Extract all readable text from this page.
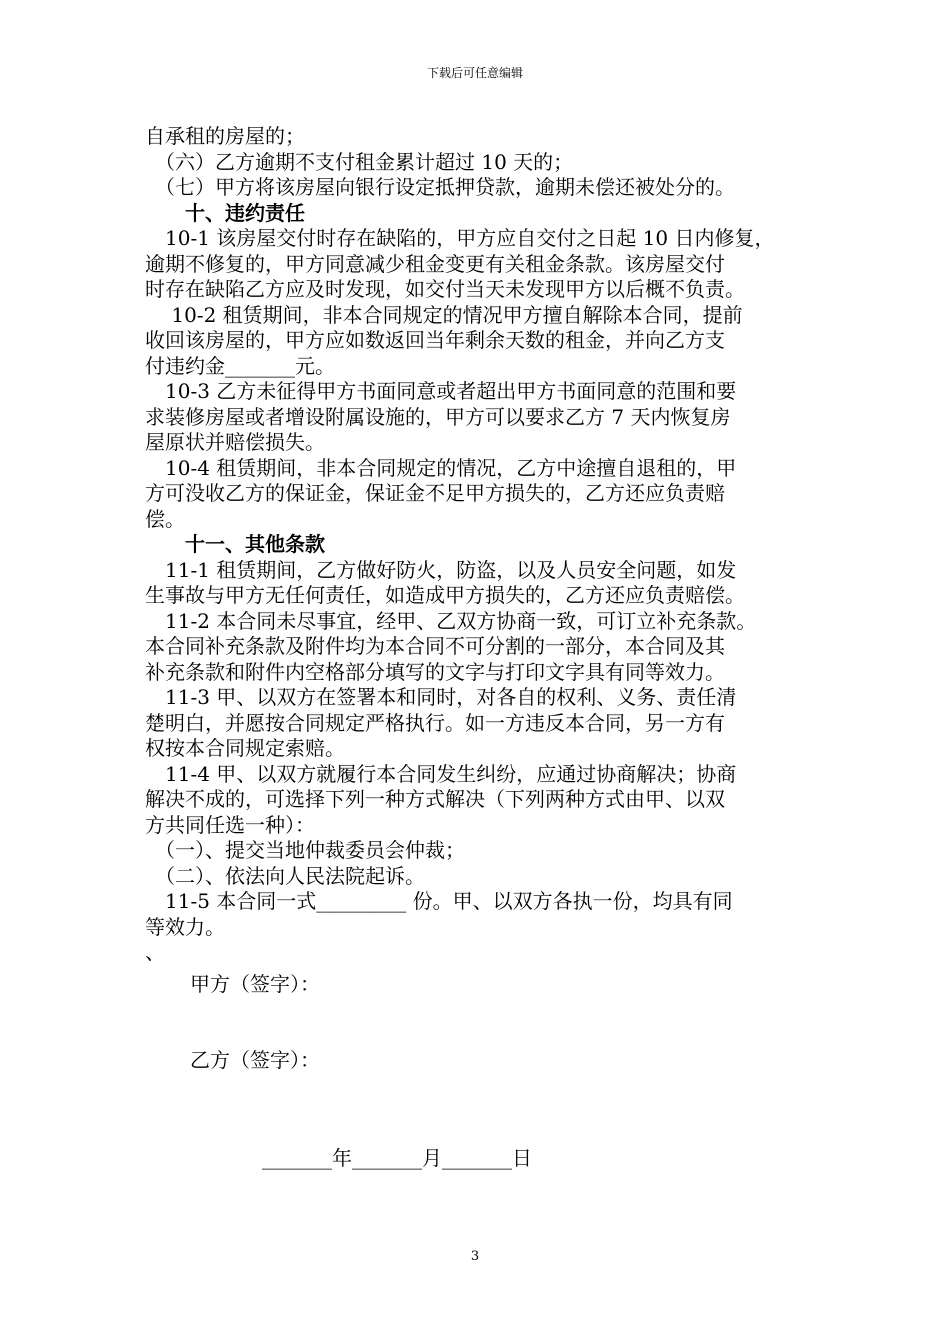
下载后可任意编辑
自承租的房屋的；
　（六）乙方逾期不支付租金累计超过 10 天的；
　（七）甲方将该房屋向银行设定抵押贷款，逾期未偿还被处分的。
　　十、违约责任
　10-1 该房屋交付时存在缺陷的，甲方应自交付之日起 10 日内修复，
逾期不修复的，甲方同意减少租金变更有关租金条款。该房屋交付
时存在缺陷乙方应及时发现，如交付当天未发现甲方以后概不负责。
　 10-2 租赁期间，非本合同规定的情况甲方擅自解除本合同，提前
收回该房屋的，甲方应如数返回当年剩余天数的租金，并向乙方支
付违约金_______元。
　10-3 乙方未征得甲方书面同意或者超出甲方书面同意的范围和要
求装修房屋或者增设附属设施的，甲方可以要求乙方 7 天内恢复房
屋原状并赔偿损失。
　10-4 租赁期间，非本合同规定的情况，乙方中途擅自退租的，甲
方可没收乙方的保证金，保证金不足甲方损失的，乙方还应负责赔
偿。
　　十一、其他条款
　11-1 租赁期间，乙方做好防火，防盗，以及人员安全问题，如发
生事故与甲方无任何责任，如造成甲方损失的，乙方还应负责赔偿。
　11-2 本合同未尽事宜，经甲、乙双方协商一致，可订立补充条款。
本合同补充条款及附件均为本合同不可分割的一部分，本合同及其
补充条款和附件内空格部分填写的文字与打印文字具有同等效力。
　11-3 甲、以双方在签署本和同时，对各自的权利、义务、责任清
楚明白，并愿按合同规定严格执行。如一方违反本合同，另一方有
权按本合同规定索赔。
　11-4 甲、以双方就履行本合同发生纠纷，应通过协商解决；协商
解决不成的，可选择下列一种方式解决（下列两种方式由甲、以双
方共同任选一种）：
　（一）、提交当地仲裁委员会仲裁；
　（二）、依法向人民法院起诉。
　11-5 本合同一式_________ 份。甲、以双方各执一份，均具有同
等效力。
、
甲方（签字）：
乙方（签字）：
_______年_______月_______日
3
